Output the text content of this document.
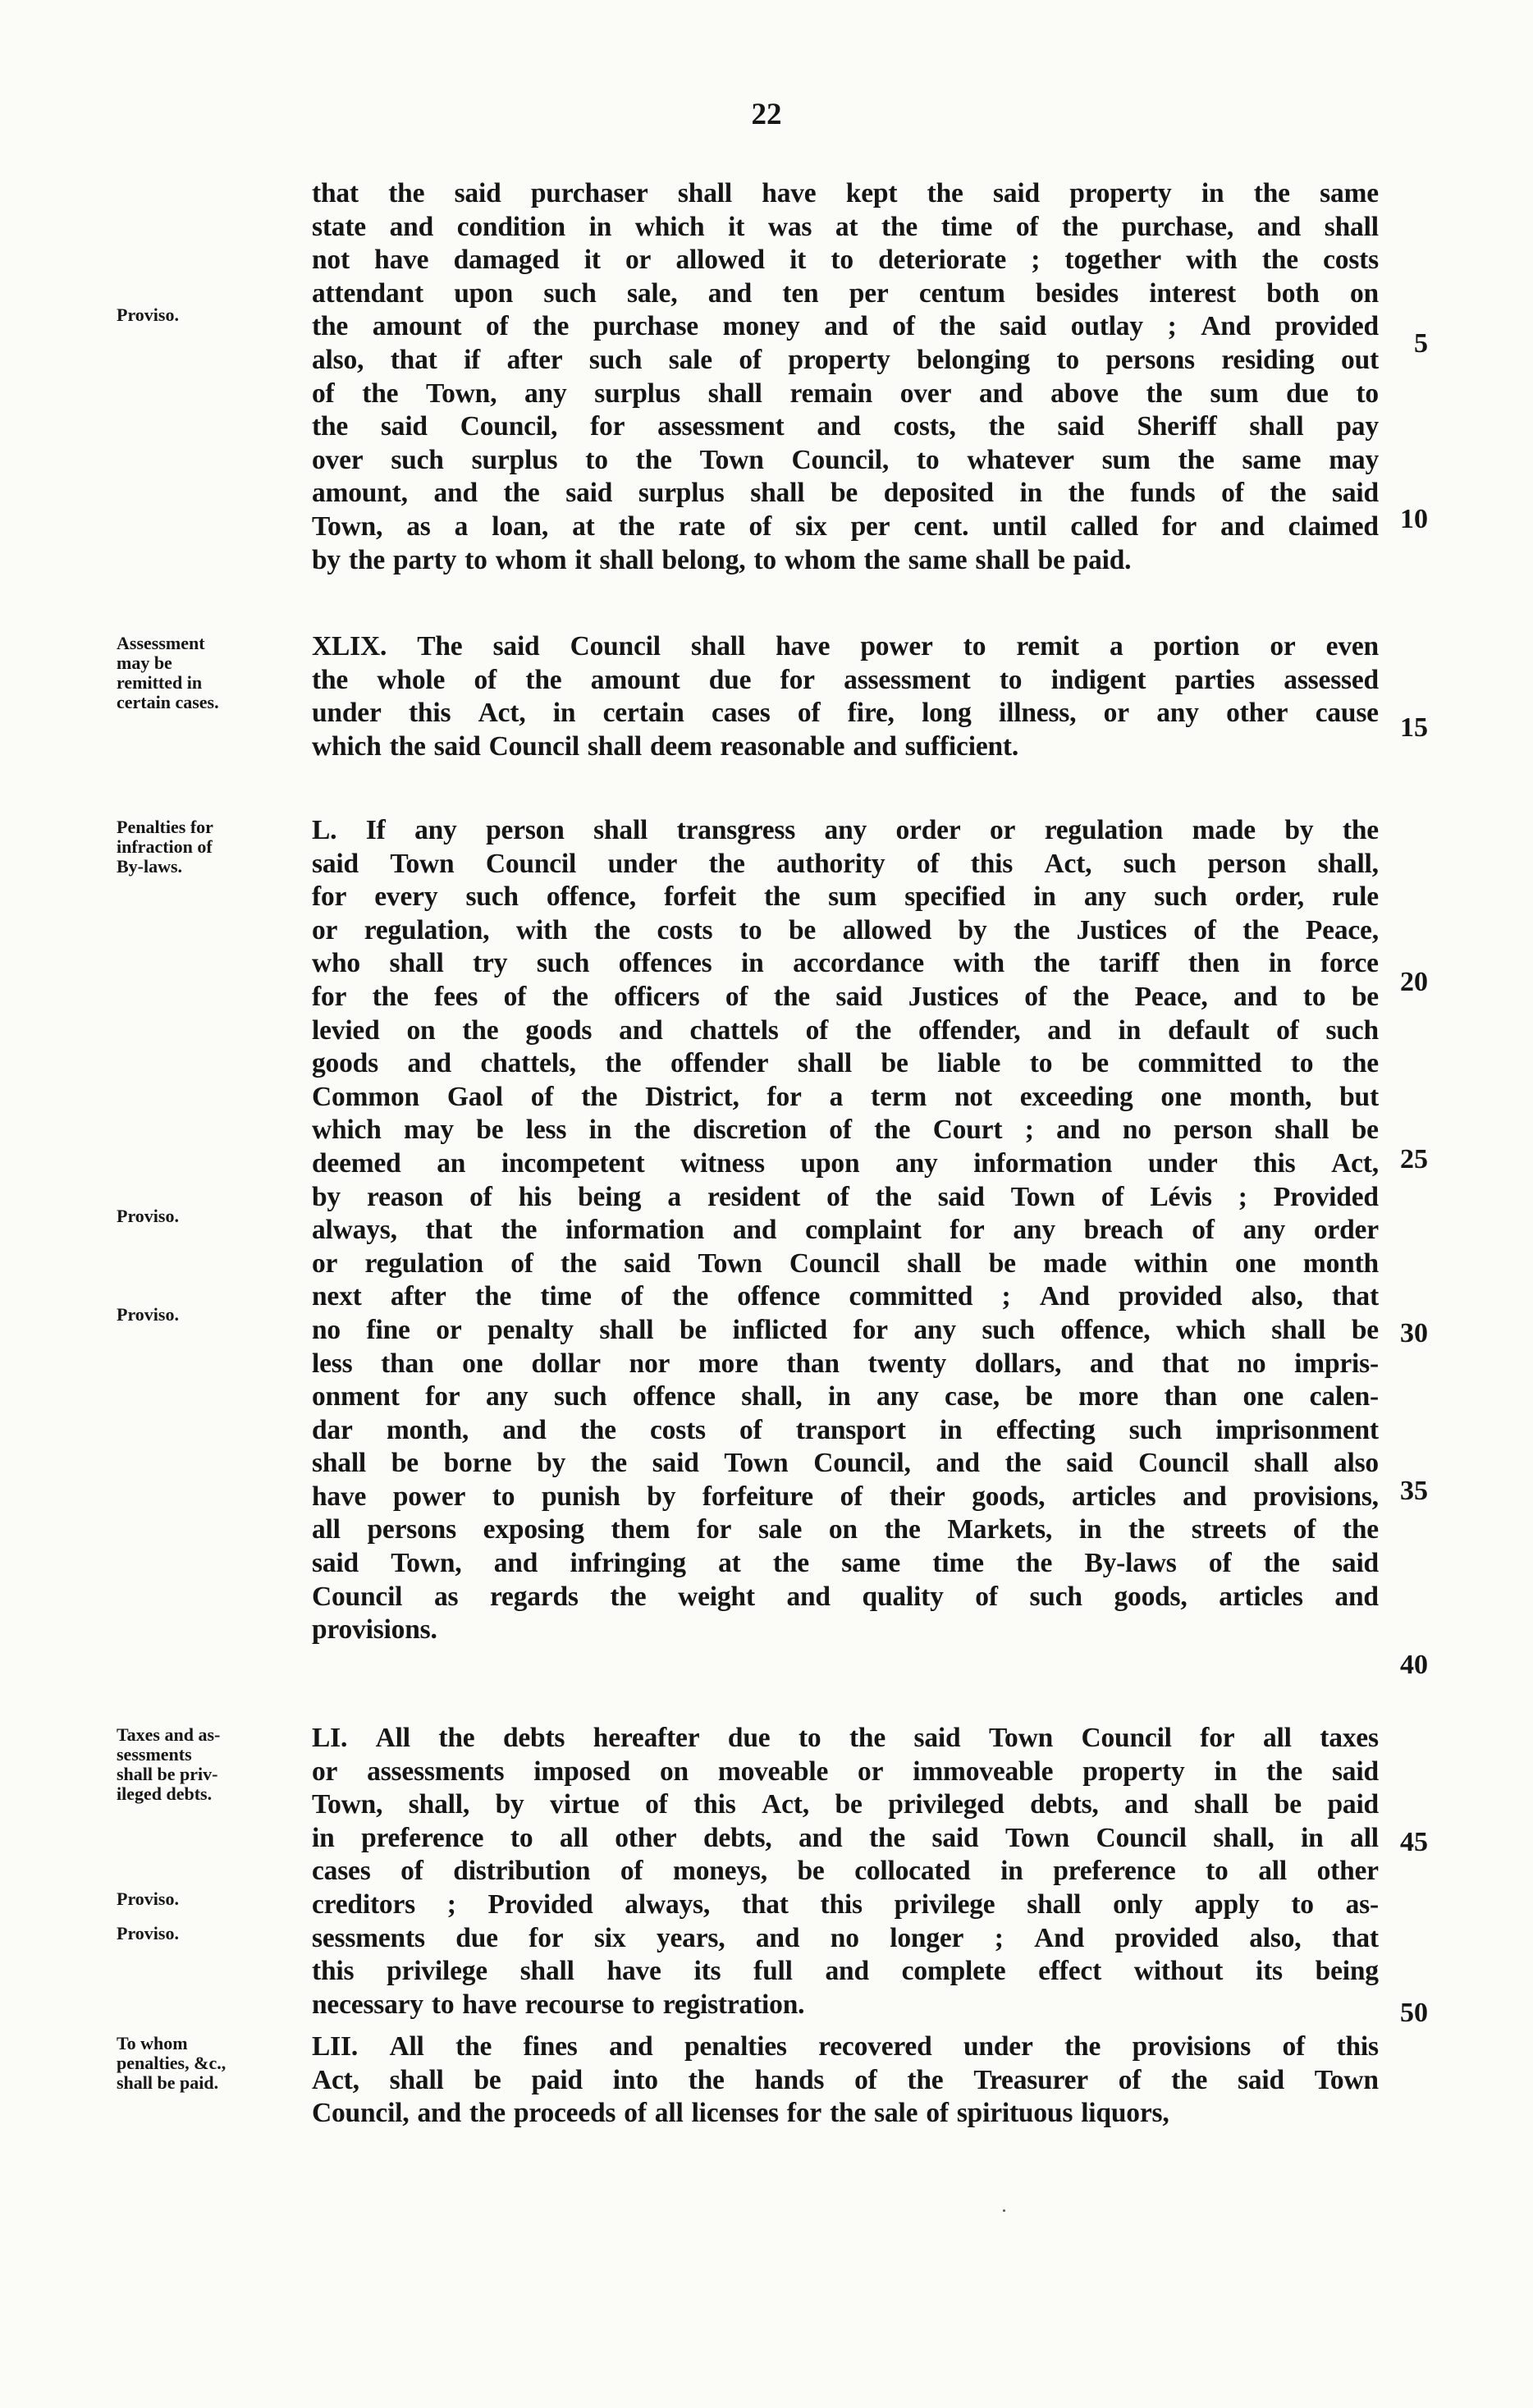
22
that the said purchaser shall have kept the said property in the same
state and condition in which it was at the time of the purchase, and shall
not have damaged it or allowed it to deteriorate ; together with the costs
attendant upon such sale, and ten per centum besides interest both on
the amount of the purchase money and of the said outlay ; And provided
also, that if after such sale of property belonging to persons residing out
of the Town, any surplus shall remain over and above the sum due to
the said Council, for assessment and costs, the said Sheriff shall pay
over such surplus to the Town Council, to whatever sum the same may
amount, and the said surplus shall be deposited in the funds of the said
Town, as a loan, at the rate of six per cent. until called for and claimed
by the party to whom it shall belong, to whom the same shall be paid.
XLIX. The said Council shall have power to remit a portion or even
the whole of the amount due for assessment to indigent parties assessed
under this Act, in certain cases of fire, long illness, or any other cause
which the said Council shall deem reasonable and sufficient.
L. If any person shall transgress any order or regulation made by the
said Town Council under the authority of this Act, such person shall,
for every such offence, forfeit the sum specified in any such order, rule
or regulation, with the costs to be allowed by the Justices of the Peace,
who shall try such offences in accordance with the tariff then in force
for the fees of the officers of the said Justices of the Peace, and to be
levied on the goods and chattels of the offender, and in default of such
goods and chattels, the offender shall be liable to be committed to the
Common Gaol of the District, for a term not exceeding one month, but
which may be less in the discretion of the Court ; and no person shall be
deemed an incompetent witness upon any information under this Act,
by reason of his being a resident of the said Town of Lévis ; Provided
always, that the information and complaint for any breach of any order
or regulation of the said Town Council shall be made within one month
next after the time of the offence committed ; And provided also, that
no fine or penalty shall be inflicted for any such offence, which shall be
less than one dollar nor more than twenty dollars, and that no impris-
onment for any such offence shall, in any case, be more than one calen-
dar month, and the costs of transport in effecting such imprisonment
shall be borne by the said Town Council, and the said Council shall also
have power to punish by forfeiture of their goods, articles and provisions,
all persons exposing them for sale on the Markets, in the streets of the
said Town, and infringing at the same time the By-laws of the said
Council as regards the weight and quality of such goods, articles and
provisions.
LI. All the debts hereafter due to the said Town Council for all taxes
or assessments imposed on moveable or immoveable property in the said
Town, shall, by virtue of this Act, be privileged debts, and shall be paid
in preference to all other debts, and the said Town Council shall, in all
cases of distribution of moneys, be collocated in preference to all other
creditors ; Provided always, that this privilege shall only apply to as-
sessments due for six years, and no longer ; And provided also, that
this privilege shall have its full and complete effect without its being
necessary to have recourse to registration.
LII. All the fines and penalties recovered under the provisions of this
Act, shall be paid into the hands of the Treasurer of the said Town
Council, and the proceeds of all licenses for the sale of spirituous liquors,
Proviso.
Assessment
may be
remitted in
certain cases.
Penalties for
infraction of
By-laws.
Proviso.
Proviso.
Taxes and as-
sessments
shall be priv-
ileged debts.
Proviso.
Proviso.
To whom
penalties, &c.,
shall be paid.
5
10
15
20
25
30
35
40
45
50
